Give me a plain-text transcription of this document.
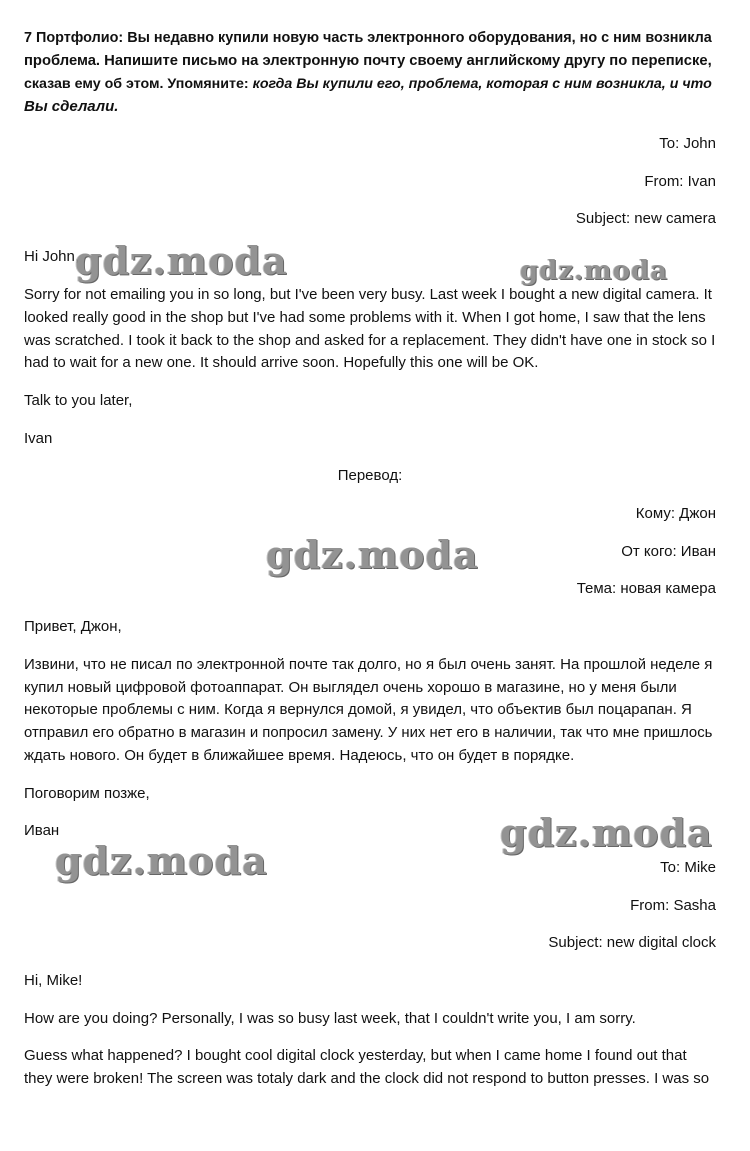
7 Портфолио: Вы недавно купили новую часть электронного оборудования, но с ним возникла
проблема. Напишите письмо на электронную почту своему английскому другу по переписке,
сказав ему об этом. Упомяните: когда Вы купили его, проблема, которая с ним возникла, и что
Вы сделали.
To: John
From: Ivan
Subject: new camera
Hi John,
Sorry for not emailing you in so long, but I've been very busy. Last week I bought a new digital camera. It
looked really good in the shop but I've had some problems with it. When I got home, I saw that the lens
was scratched. I took it back to the shop and asked for a replacement. They didn't have one in stock so I
had to wait for a new one. It should arrive soon. Hopefully this one will be OK.
Talk to you later,
Ivan
Перевод:
Кому: Джон
От кого: Иван
Тема: новая камера
Привет, Джон,
Извини, что не писал по электронной почте так долго, но я был очень занят. На прошлой неделе я
купил новый цифровой фотоаппарат. Он выглядел очень хорошо в магазине, но у меня были
некоторые проблемы с ним. Когда я вернулся домой, я увидел, что объектив был поцарапан. Я
отправил его обратно в магазин и попросил замену. У них нет его в наличии, так что мне пришлось
ждать нового. Он будет в ближайшее время. Надеюсь, что он будет в порядке.
Поговорим позже,
Иван
To: Mike
From: Sasha
Subject: new digital clock
Hi, Mike!
How are you doing? Personally, I was so busy last week, that I couldn't write you, I am sorry.
Guess what happened? I bought cool digital clock yesterday, but when I came home I found out that
they were broken! The screen was totaly dark and the clock did not respond to button presses. I was so
gdz.moda	gdz.moda
gdz.moda
gdz.moda
gdz.moda
